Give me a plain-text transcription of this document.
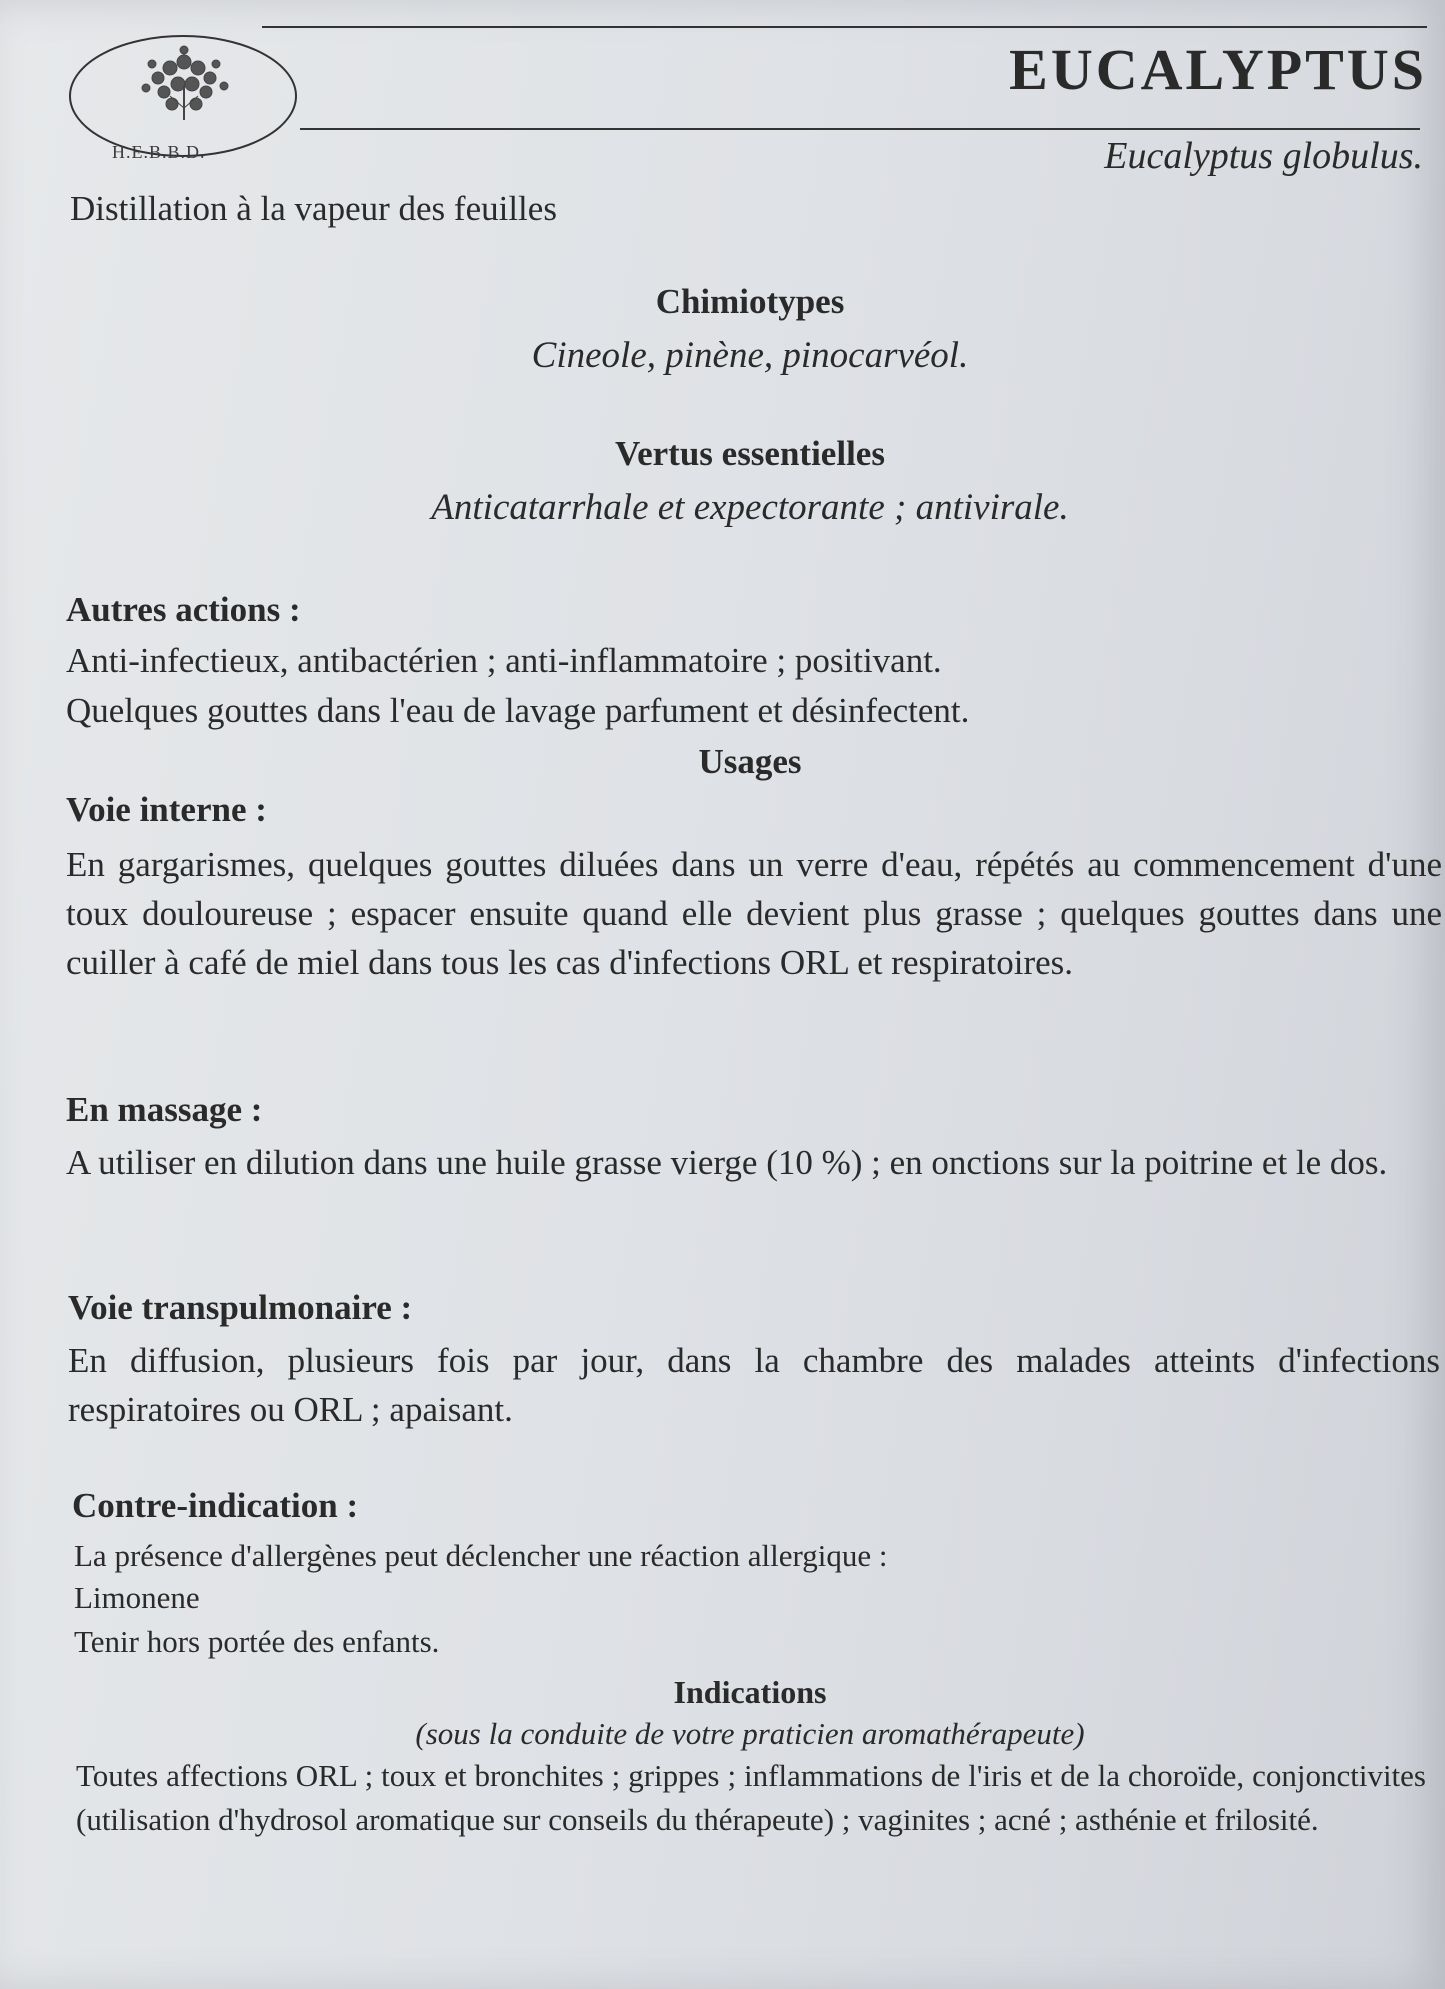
H.E.B.B.D.
EUCALYPTUS

Eucalyptus globulus.

Distillation à la vapeur des feuilles

Chimiotypes

Cineole, pinène, pinocarvéol.

Vertus essentielles

Anticatarrhale et expectorante ; antivirale.

Autres actions :

Anti-infectieux, antibactérien ; anti-inflammatoire ; positivant.

Quelques gouttes dans l'eau de lavage parfument et désinfectent.

Usages

Voie interne :

En gargarismes, quelques gouttes diluées dans un verre d'eau, répétés au commencement d'une toux douloureuse ; espacer ensuite quand elle devient plus grasse ; quelques gouttes dans une cuiller à café de miel dans tous les cas d'infections ORL et respiratoires.

En massage :

A utiliser en dilution dans une huile grasse vierge (10 %) ; en onctions sur la poitrine et le dos.

Voie transpulmonaire :

En diffusion, plusieurs fois par jour, dans la chambre des malades atteints d'infections respiratoires ou ORL ; apaisant.

Contre-indication :

La présence d'allergènes peut déclencher une réaction allergique :

Limonene

Tenir hors portée des enfants.

Indications

(sous la conduite de votre praticien aromathérapeute)

Toutes affections ORL ; toux et bronchites ; grippes ; inflammations de l'iris et de la choroïde, conjonctivites (utilisation d'hydrosol aromatique sur conseils du thérapeute) ; vaginites ; acné ; asthénie et frilosité.
